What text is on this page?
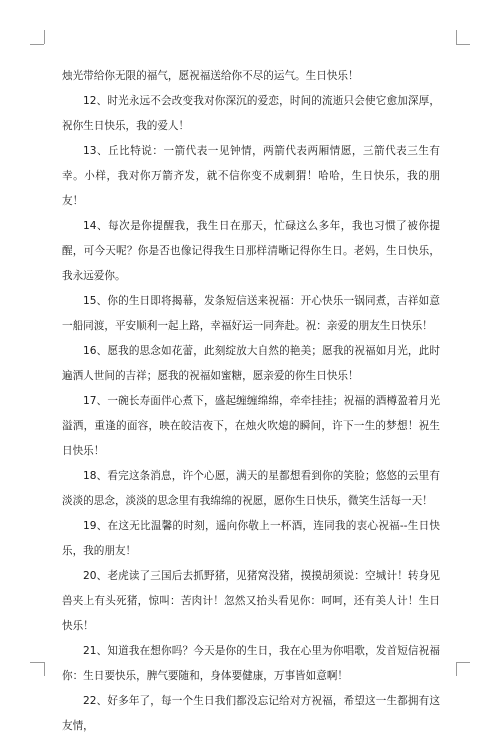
烛光带给你无限的福气，愿祝福送给你不尽的运气。生日快乐！

12、时光永远不会改变我对你深沉的爱恋，时间的流逝只会使它愈加深厚，祝你生日快乐，我的爱人！

13、丘比特说：一箭代表一见钟情，两箭代表两厢情愿，三箭代表三生有幸。小样，我对你万箭齐发，就不信你变不成刺猬！哈哈，生日快乐，我的朋友！

14、每次是你提醒我，我生日在那天，忙碌这么多年，我也习惯了被你提醒，可今天呢？你是否也像记得我生日那样清晰记得你生日。老妈，生日快乐，我永远爱你。

15、你的生日即将揭幕，发条短信送来祝福：开心快乐一锅同煮，吉祥如意一船同渡，平安顺利一起上路，幸福好运一同奔赴。祝：亲爱的朋友生日快乐！

16、愿我的思念如花蕾，此刻绽放大自然的艳美；愿我的祝福如月光，此时遍洒人世间的吉祥；愿我的祝福如蜜糖，愿亲爱的你生日快乐！

17、一碗长寿面伴心煮下，盛起缠缠绵绵，牵牵挂挂；祝福的酒樽盈着月光溢洒，重逢的面容，映在皎洁夜下，在烛火吹熄的瞬间，许下一生的梦想！祝生日快乐！

18、看完这条消息，许个心愿，满天的星都想看到你的笑脸；悠悠的云里有淡淡的思念，淡淡的思念里有我绵绵的祝愿，愿你生日快乐，微笑生活每一天！

19、在这无比温馨的时刻，遥向你敬上一杯酒，连同我的衷心祝福--生日快乐，我的朋友！

20、老虎读了三国后去抓野猪，见猪窝没猪，摸摸胡须说：空城计！转身见兽夹上有头死猪，惊叫：苦肉计！忽然又抬头看见你：呵呵，还有美人计！生日快乐！

21、知道我在想你吗？今天是你的生日，我在心里为你唱歌，发首短信祝福你：生日要快乐，脾气要随和，身体要健康，万事皆如意啊！

22、好多年了，每一个生日我们都没忘记给对方祝福，希望这一生都拥有这友情，
